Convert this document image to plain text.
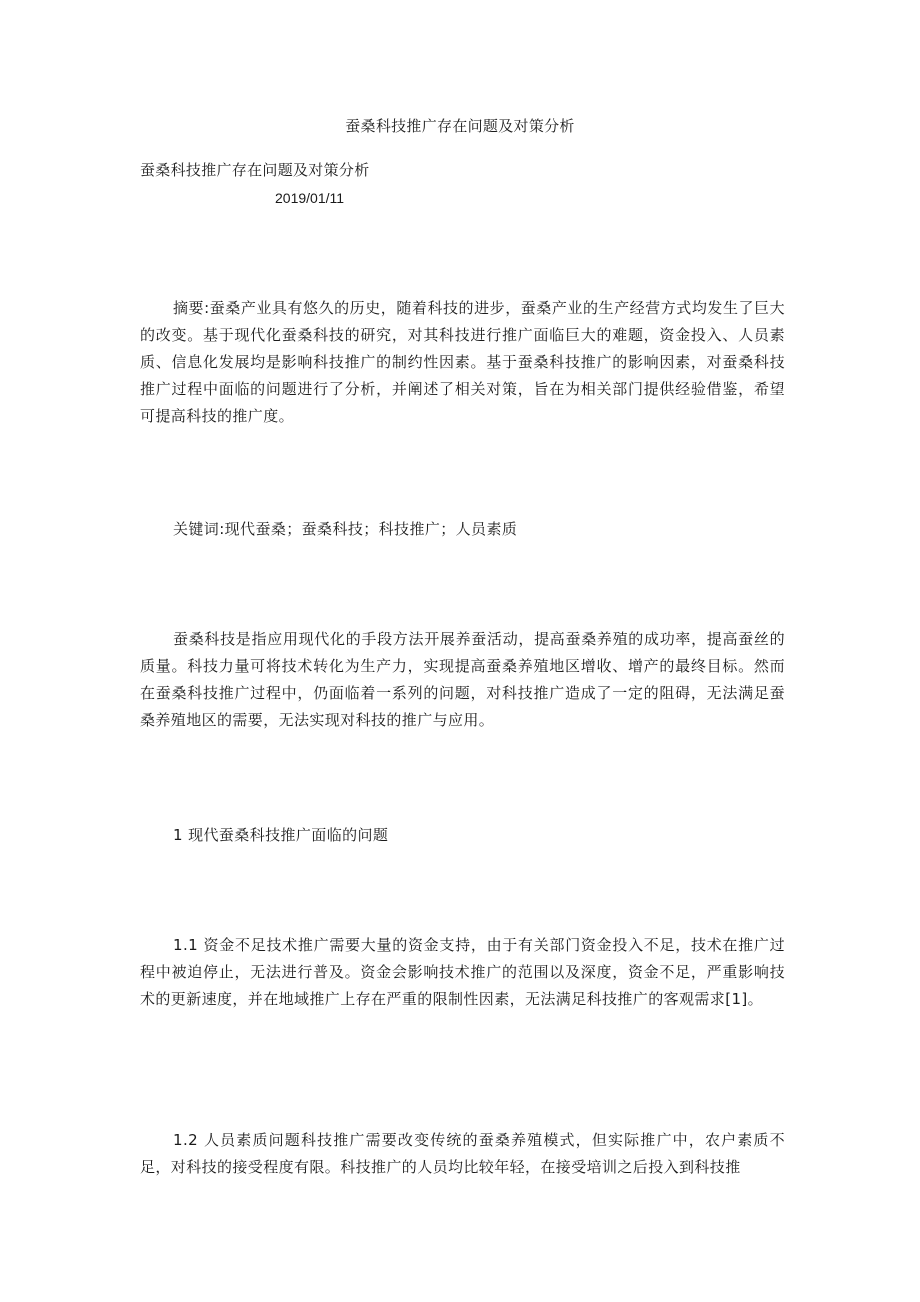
蚕桑科技推广存在问题及对策分析
蚕桑科技推广存在问题及对策分析
2019/01/11

摘要:蚕桑产业具有悠久的历史，随着科技的进步，蚕桑产业的生产经营方式均发生了巨大的改变。基于现代化蚕桑科技的研究，对其科技进行推广面临巨大的难题，资金投入、人员素质、信息化发展均是影响科技推广的制约性因素。基于蚕桑科技推广的影响因素，对蚕桑科技推广过程中面临的问题进行了分析，并阐述了相关对策，旨在为相关部门提供经验借鉴，希望可提高科技的推广度。

关键词:现代蚕桑；蚕桑科技；科技推广；人员素质

蚕桑科技是指应用现代化的手段方法开展养蚕活动，提高蚕桑养殖的成功率，提高蚕丝的质量。科技力量可将技术转化为生产力，实现提高蚕桑养殖地区增收、增产的最终目标。然而在蚕桑科技推广过程中，仍面临着一系列的问题，对科技推广造成了一定的阻碍，无法满足蚕桑养殖地区的需要，无法实现对科技的推广与应用。

1 现代蚕桑科技推广面临的问题

1.1 资金不足技术推广需要大量的资金支持，由于有关部门资金投入不足，技术在推广过程中被迫停止，无法进行普及。资金会影响技术推广的范围以及深度，资金不足，严重影响技术的更新速度，并在地域推广上存在严重的限制性因素，无法满足科技推广的客观需求[1]。

1.2 人员素质问题科技推广需要改变传统的蚕桑养殖模式，但实际推广中，农户素质不足，对科技的接受程度有限。科技推广的人员均比较年轻，在接受培训之后投入到科技推
